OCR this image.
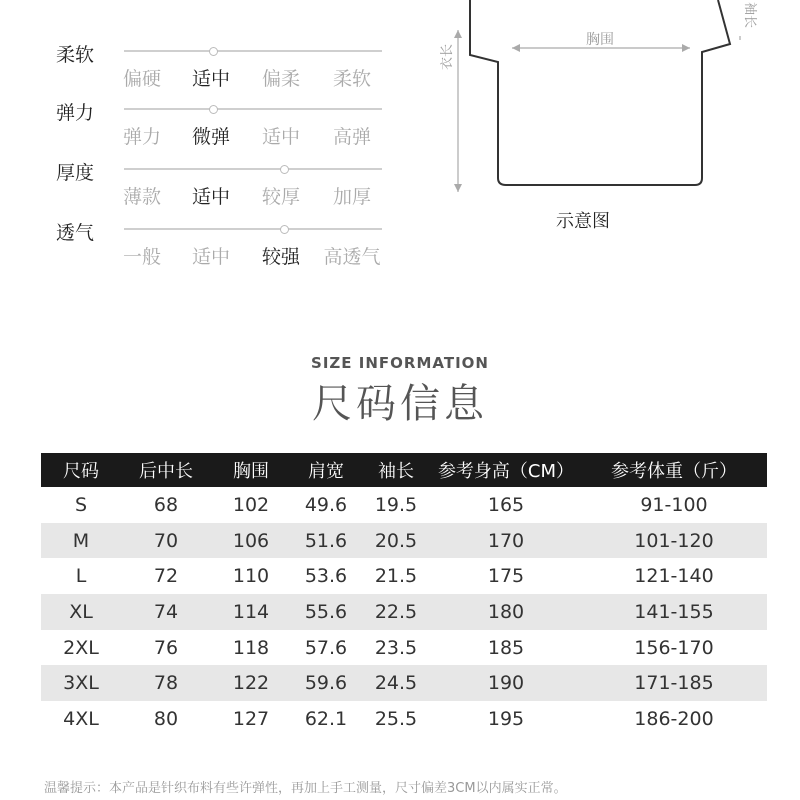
柔软
偏硬	适中	偏柔	柔软
弹力
弹力	微弹	适中	高弹
厚度
薄款	适中	较厚	加厚
透气
一般	适中	较强	高透气
胸围
衣长
袖长
示意图
SIZE INFORMATION
尺码信息
尺码	后中长	胸围	肩宽	袖长	参考身高（CM）	参考体重（斤）
S	68	102	49.6	19.5	165	91-100
M	70	106	51.6	20.5	170	101-120
L	72	110	53.6	21.5	175	121-140
XL	74	114	55.6	22.5	180	141-155
2XL	76	118	57.6	23.5	185	156-170
3XL	78	122	59.6	24.5	190	171-185
4XL	80	127	62.1	25.5	195	186-200
温馨提示：本产品是针织布料有些许弹性，再加上手工测量，尺寸偏差3CM以内属实正常。
